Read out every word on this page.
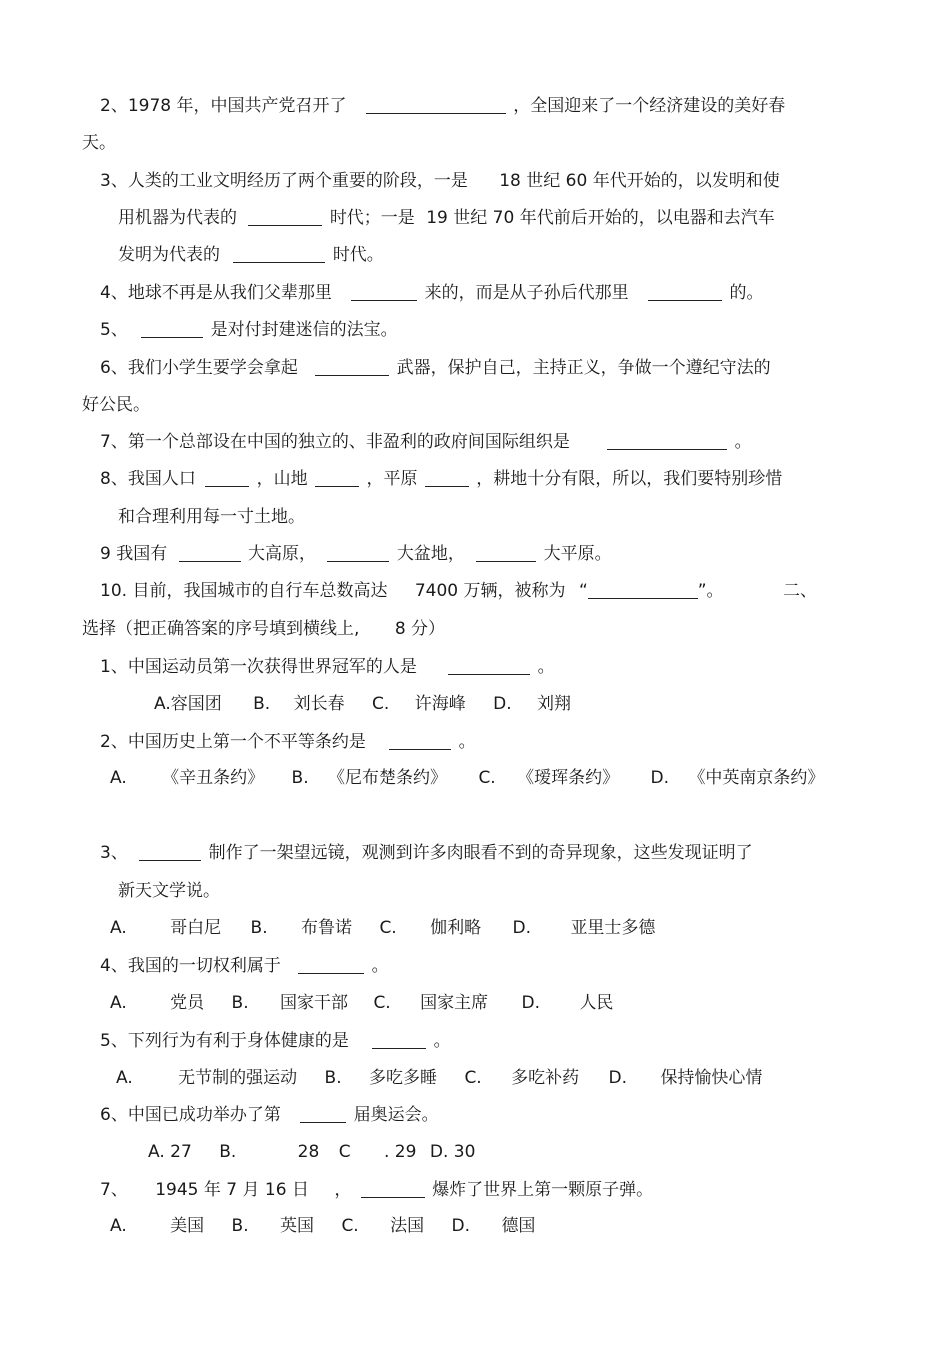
2、1978 年，中国共产党召开了	，全国迎来了一个经济建设的美好春
天。
3、人类的工业文明经历了两个重要的阶段，一是 18 世纪 60 年代开始的，以发明和使
用机器为代表的	时代；一是 19 世纪 70 年代前后开始的，以电器和去汽车
发明为代表的	时代。
4、地球不再是从我们父辈那里	来的，而是从子孙后代那里	的。
5、	是对付封建迷信的法宝。
6、我们小学生要学会拿起	武器，保护自己，主持正义，争做一个遵纪守法的
好公民。
7、第一个总部设在中国的独立的、非盈利的政府间国际组织是	。
8、我国人口	，山地	，平原	，耕地十分有限，所以，我们要特别珍惜
和合理利用每一寸土地。
9 我国有	大高原，	大盆地，	大平原。
10. 目前，我国城市的自行车总数高达 7400 万辆，被称为 “	”。	二、
选择（把正确答案的序号填到横线上, 8 分）
1、中国运动员第一次获得世界冠军的人是	。
A.容国团 B. 刘长春 C. 许海峰 D. 刘翔
2、中国历史上第一个不平等条约是	。
A. 《辛丑条约》 B. 《尼布楚条约》 C. 《瑷珲条约》 D. 《中英南京条约》
3、	制作了一架望远镜，观测到许多肉眼看不到的奇异现象，这些发现证明了
新天文学说。
A.	哥白尼 B. 布鲁诺 C. 伽利略 D. 亚里士多德
4、我国的一切权利属于	。
A.	党员 B. 国家干部 C. 国家主席 D. 人民
5、下列行为有利于身体健康的是	。
A.	无节制的强运动 B. 多吃多睡 C. 多吃补药 D. 保持愉快心情
6、中国已成功举办了第	届奥运会。
A. 27 B.	28 C . 29 D. 30
7、 1945 年 7 月 16 日 ，	爆炸了世界上第一颗原子弹。
A.	美国 B. 英国 C. 法国 D. 德国
